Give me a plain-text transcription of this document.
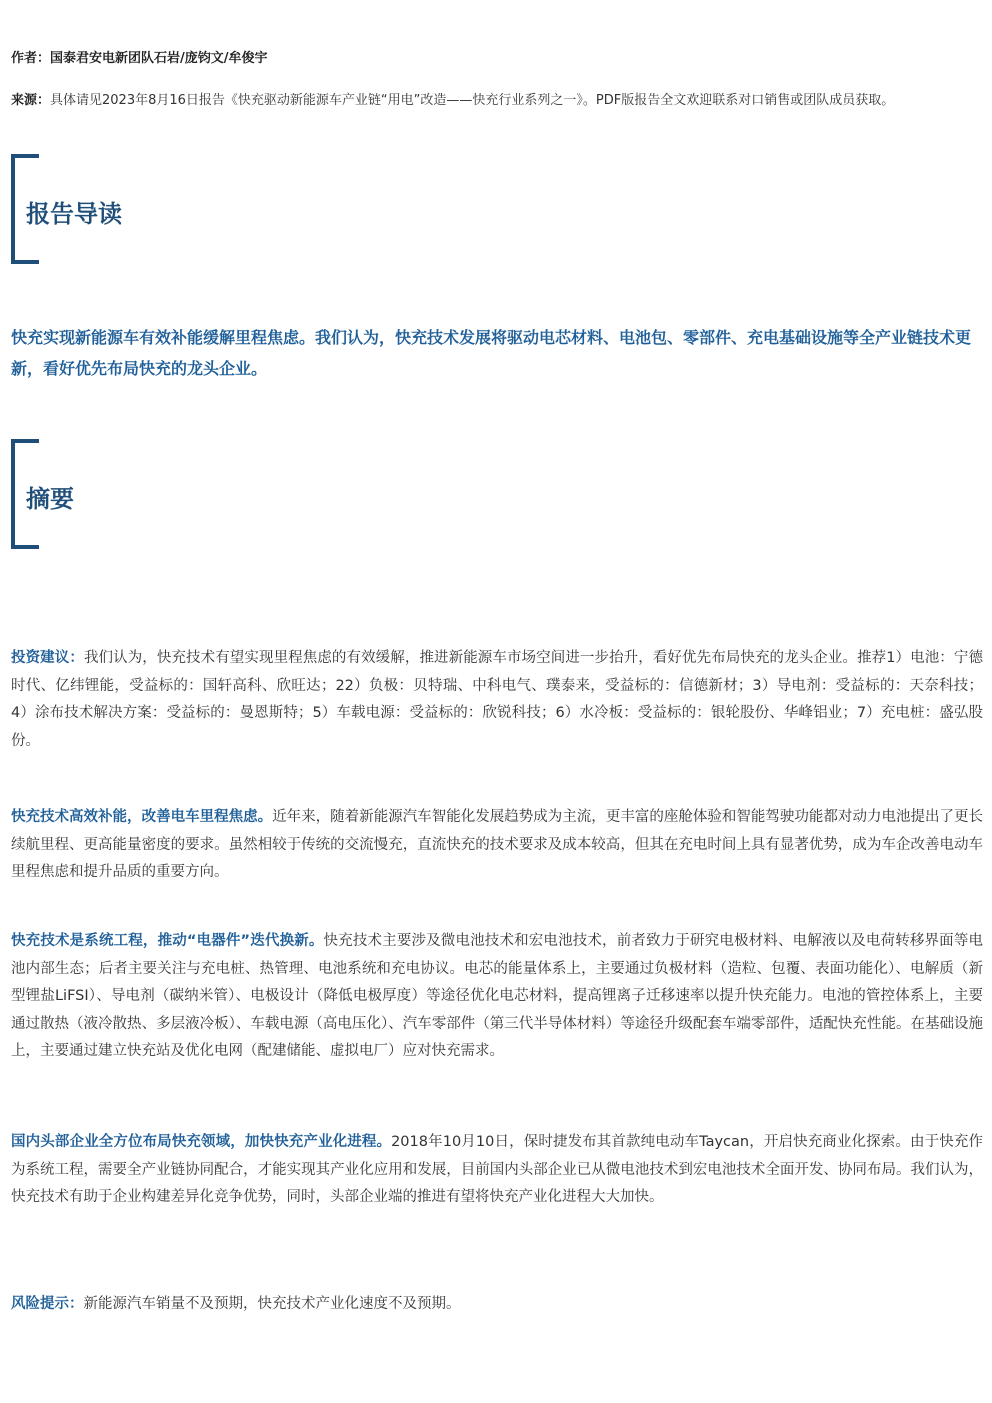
作者：国泰君安电新团队石岩/庞钧文/牟俊宇
来源：具体请见2023年8月16日报告《快充驱动新能源车产业链“用电”改造——快充行业系列之一》。PDF版报告全文欢迎联系对口销售或团队成员获取。
报告导读
快充实现新能源车有效补能缓解里程焦虑。我们认为，快充技术发展将驱动电芯材料、电池包、零部件、充电基础设施等全产业链技术更新，看好优先布局快充的龙头企业。
摘要
投资建议：我们认为，快充技术有望实现里程焦虑的有效缓解，推进新能源车市场空间进一步抬升，看好优先布局快充的龙头企业。推荐1）电池：宁德时代、亿纬锂能，受益标的：国轩高科、欣旺达；22）负极：贝特瑞、中科电气、璞泰来，受益标的：信德新材；3）导电剂：受益标的：天奈科技；4）涂布技术解决方案：受益标的：曼恩斯特；5）车载电源：受益标的：欣锐科技；6）水冷板：受益标的：银轮股份、华峰铝业；7）充电桩：盛弘股份。
快充技术高效补能，改善电车里程焦虑。近年来，随着新能源汽车智能化发展趋势成为主流，更丰富的座舱体验和智能驾驶功能都对动力电池提出了更长续航里程、更高能量密度的要求。虽然相较于传统的交流慢充，直流快充的技术要求及成本较高，但其在充电时间上具有显著优势，成为车企改善电动车里程焦虑和提升品质的重要方向。
快充技术是系统工程，推动“电器件”迭代换新。快充技术主要涉及微电池技术和宏电池技术，前者致力于研究电极材料、电解液以及电荷转移界面等电池内部生态；后者主要关注与充电桩、热管理、电池系统和充电协议。电芯的能量体系上，主要通过负极材料（造粒、包覆、表面功能化）、电解质（新型锂盐LiFSI）、导电剂（碳纳米管）、电极设计（降低电极厚度）等途径优化电芯材料，提高锂离子迁移速率以提升快充能力。电池的管控体系上，主要通过散热（液冷散热、多层液冷板）、车载电源（高电压化）、汽车零部件（第三代半导体材料）等途径升级配套车端零部件，适配快充性能。在基础设施上，主要通过建立快充站及优化电网（配建储能、虚拟电厂）应对快充需求。
国内头部企业全方位布局快充领域，加快快充产业化进程。2018年10月10日，保时捷发布其首款纯电动车Taycan，开启快充商业化探索。由于快充作为系统工程，需要全产业链协同配合，才能实现其产业化应用和发展，目前国内头部企业已从微电池技术到宏电池技术全面开发、协同布局。我们认为，快充技术有助于企业构建差异化竞争优势，同时，头部企业端的推进有望将快充产业化进程大大加快。
风险提示：新能源汽车销量不及预期，快充技术产业化速度不及预期。
